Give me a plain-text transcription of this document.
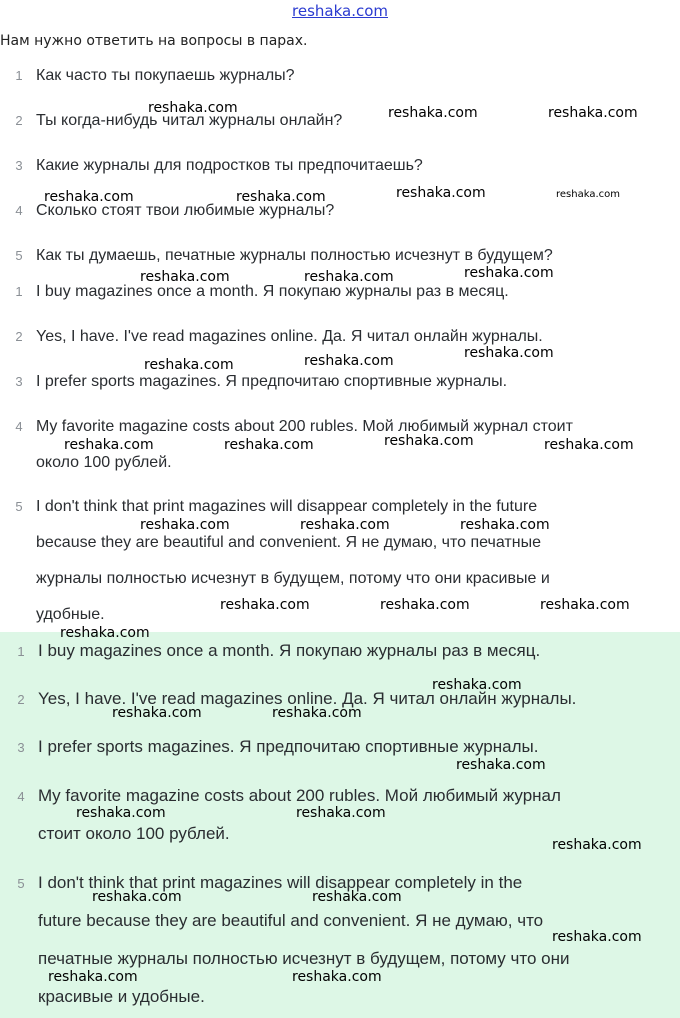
reshaka.com
Нам нужно ответить на вопросы в парах.
1 Как часто ты покупаешь журналы?
2 Ты когда-нибудь читал журналы онлайн?
3 Какие журналы для подростков ты предпочитаешь?
4 Сколько стоят твои любимые журналы?
5 Как ты думаешь, печатные журналы полностью исчезнут в будущем?
1 I buy magazines once a month. Я покупаю журналы раз в месяц.
2 Yes, I have. I've read magazines online. Да. Я читал онлайн журналы.
3 I prefer sports magazines. Я предпочитаю спортивные журналы.
4 My favorite magazine costs about 200 rubles. Мой любимый журнал стоит
около 100 рублей.
5 I don't think that print magazines will disappear completely in the future
because they are beautiful and convenient. Я не думаю, что печатные
журналы полностью исчезнут в будущем, потому что они красивые и
удобные.
1 I buy magazines once a month. Я покупаю журналы раз в месяц.
2 Yes, I have. I've read magazines online. Да. Я читал онлайн журналы.
3 I prefer sports magazines. Я предпочитаю спортивные журналы.
4 My favorite magazine costs about 200 rubles. Мой любимый журнал
стоит около 100 рублей.
5 I don't think that print magazines will disappear completely in the
future because they are beautiful and convenient. Я не думаю, что
печатные журналы полностью исчезнут в будущем, потому что они
красивые и удобные.
reshaka.com	reshaka.com	reshaka.com
reshaka.com	reshaka.com	reshaka.com	reshaka.com
reshaka.com	reshaka.com	reshaka.com
reshaka.com
reshaka.com
reshaka.com
reshaka.com
reshaka.com	reshaka.com	reshaka.com
reshaka.com	reshaka.com	reshaka.com
reshaka.com	reshaka.com	reshaka.com
reshaka.com
reshaka.com
reshaka.com	reshaka.com
reshaka.com
reshaka.com	reshaka.com
reshaka.com
reshaka.com	reshaka.com
reshaka.com
reshaka.com	reshaka.com
